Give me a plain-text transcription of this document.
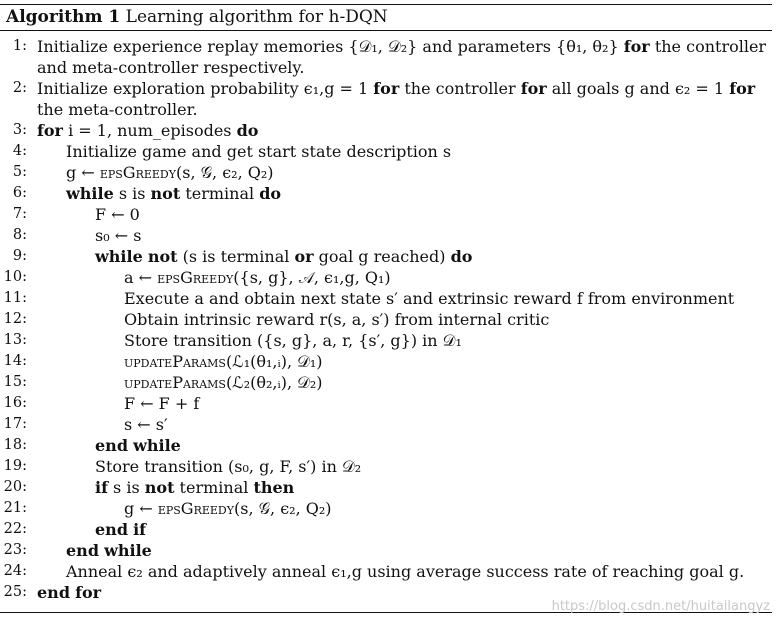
Algorithm 1 Learning algorithm for h-DQN
1: Initialize experience replay memories {𝒟₁, 𝒟₂} and parameters {θ₁, θ₂} for the controller
and meta-controller respectively.
2: Initialize exploration probability ϵ₁,g = 1 for the controller for all goals g and ϵ₂ = 1 for
the meta-controller.
3: for i = 1, num_episodes do
4: Initialize game and get start state description s
5: g ← epsGreedy(s, 𝒢, ϵ₂, Q₂)
6: while s is not terminal do
7:	F ← 0
8:	s₀ ← s
9:	while not (s is terminal or goal g reached) do
10:	a ← epsGreedy({s, g}, 𝒜, ϵ₁,g, Q₁)
11:	Execute a and obtain next state s′ and extrinsic reward f from environment
12:	Obtain intrinsic reward r(s, a, s′) from internal critic
13:	Store transition ({s, g}, a, r, {s′, g}) in 𝒟₁
14:	updateParams(ℒ₁(θ₁,ᵢ), 𝒟₁)
15:	updateParams(ℒ₂(θ₂,ᵢ), 𝒟₂)
16:	F ← F + f
17:	s ← s′
18:	end while
19:	Store transition (s₀, g, F, s′) in 𝒟₂
20:	if s is not terminal then
21:	g ← epsGreedy(s, 𝒢, ϵ₂, Q₂)
22:	end if
23: end while
24: Anneal ϵ₂ and adaptively anneal ϵ₁,g using average success rate of reaching goal g.
25: end for
https://blog.csdn.net/huitailangyz
